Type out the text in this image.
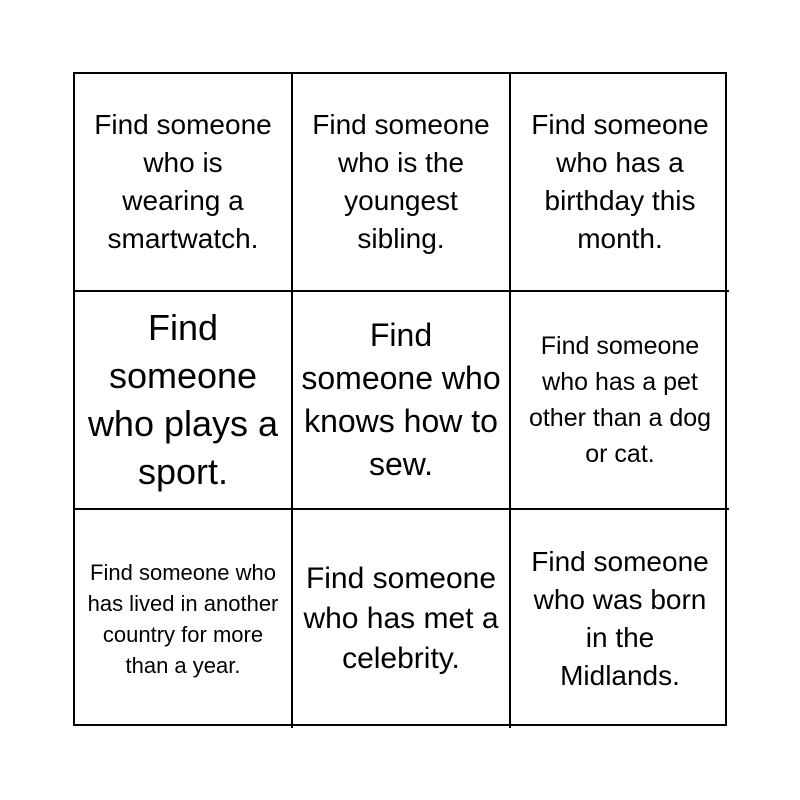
Find someone who is wearing a smartwatch.
Find someone who is the youngest sibling.
Find someone who has a birthday this month.
Find someone who plays a sport.
Find someone who knows how to sew.
Find someone who has a pet other than a dog or cat.
Find someone who has lived in another country for more than a year.
Find someone who has met a celebrity.
Find someone who was born in the Midlands.
